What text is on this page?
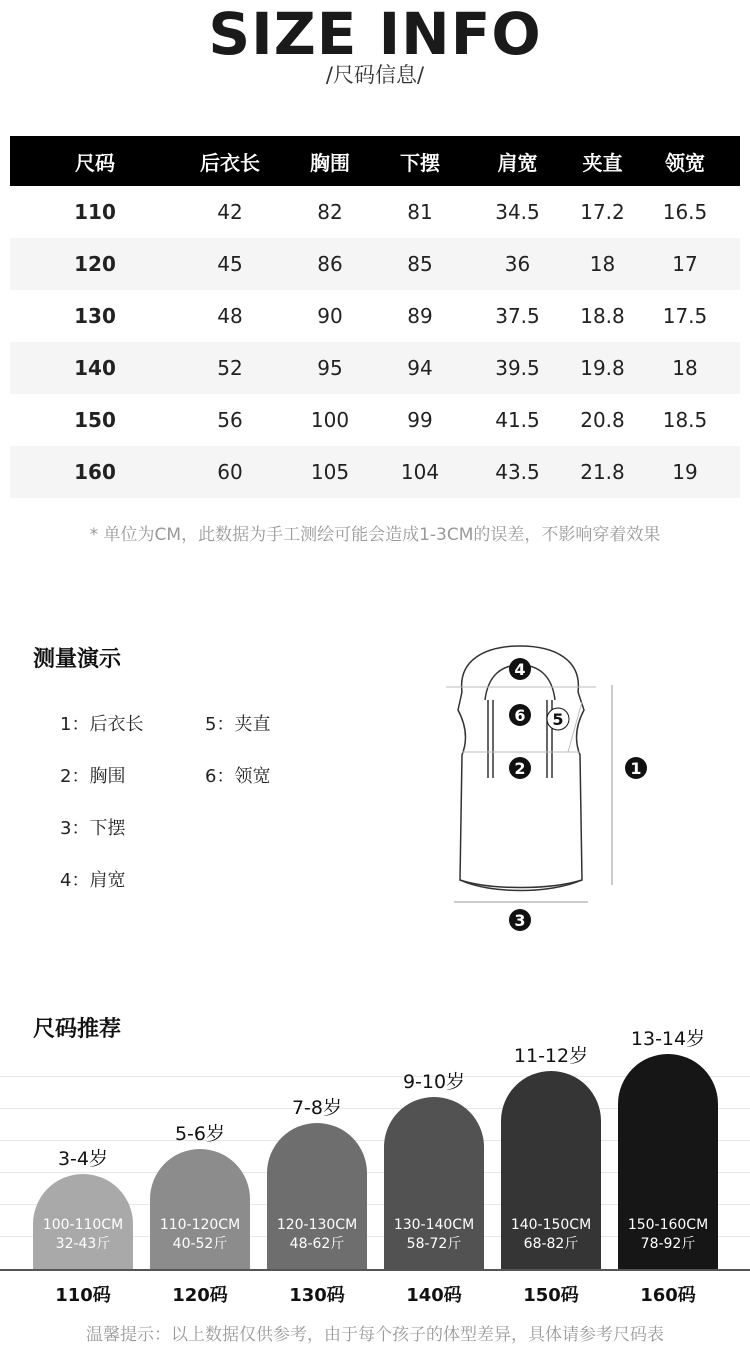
SIZE INFO
/尺码信息/
尺码	后衣长	胸围	下摆	肩宽	夹直	领宽
110	42	82	81	34.5	17.2	16.5
120	45	86	85	36	18	17
130	48	90	89	37.5	18.8	17.5
140	52	95	94	39.5	19.8	18
150	56	100	99	41.5	20.8	18.5
160	60	105	104	43.5	21.8	19
* 单位为CM，此数据为手工测绘可能会造成1-3CM的误差，不影响穿着效果
测量演示
1：后衣长
2：胸围
3：下摆
4：肩宽
5：夹直
6：领宽
4
6 5
2	1
3
尺码推荐
100-110CM
32-43斤
110-120CM
40-52斤
120-130CM
48-62斤
130-140CM
58-72斤
140-150CM
68-82斤
150-160CM
78-92斤
3-4岁
5-6岁
7-8岁
9-10岁
11-12岁
13-14岁
110码	120码	130码	140码	150码	160码
温馨提示：以上数据仅供参考，由于每个孩子的体型差异，具体请参考尺码表
